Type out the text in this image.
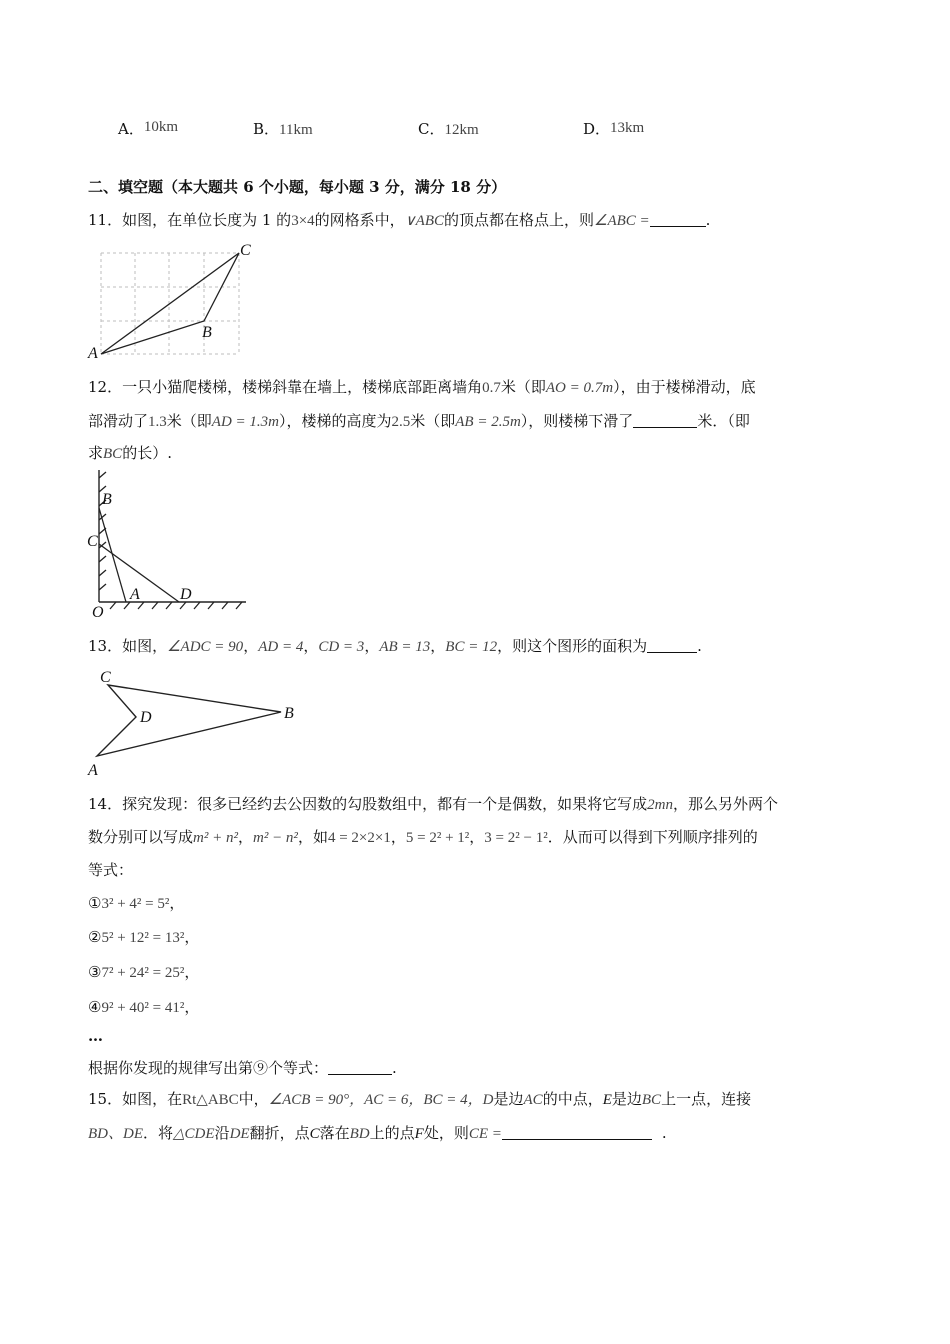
A．10km	B．11km	C．12km	D．13km
二、填空题（本大题共 6 个小题，每小题 3 分，满分 18 分）
11．如图，在单位长度为 1 的3×4的网格系中，∨ABC的顶点都在格点上，则∠ABC =	.
A
B
C
12．一只小猫爬楼梯，楼梯斜靠在墙上，楼梯底部距离墙角0.7米（即AO = 0.7m），由于楼梯滑动，底
部滑动了1.3米（即AD = 1.3m），楼梯的高度为2.5米（即AB = 2.5m），则楼梯下滑了	米．（即
求BC的长）.
B
C
O
A	D
13．如图，∠ADC = 90，AD = 4，CD = 3，AB = 13，BC = 12，则这个图形的面积为	.
C
D	B
A
14．探究发现：很多已经约去公因数的勾股数组中，都有一个是偶数，如果将它写成2mn，那么另外两个
数分别可以写成m² + n²，m² − n²，如4 = 2×2×1，5 = 2² + 1²，3 = 2² − 1²．从而可以得到下列顺序排列的
等式：
①3² + 4² = 5²，
②5² + 12² = 13²，
③7² + 24² = 25²，
④9² + 40² = 41²，
…
根据你发现的规律写出第⑨个等式：	.
15．如图，在Rt△ABC中，∠ACB = 90°，AC = 6，BC = 4，D是边AC的中点，E是边BC上一点，连接
BD、DE．将△CDE沿DE翻折，点C落在BD上的点F处，则CE =	.
